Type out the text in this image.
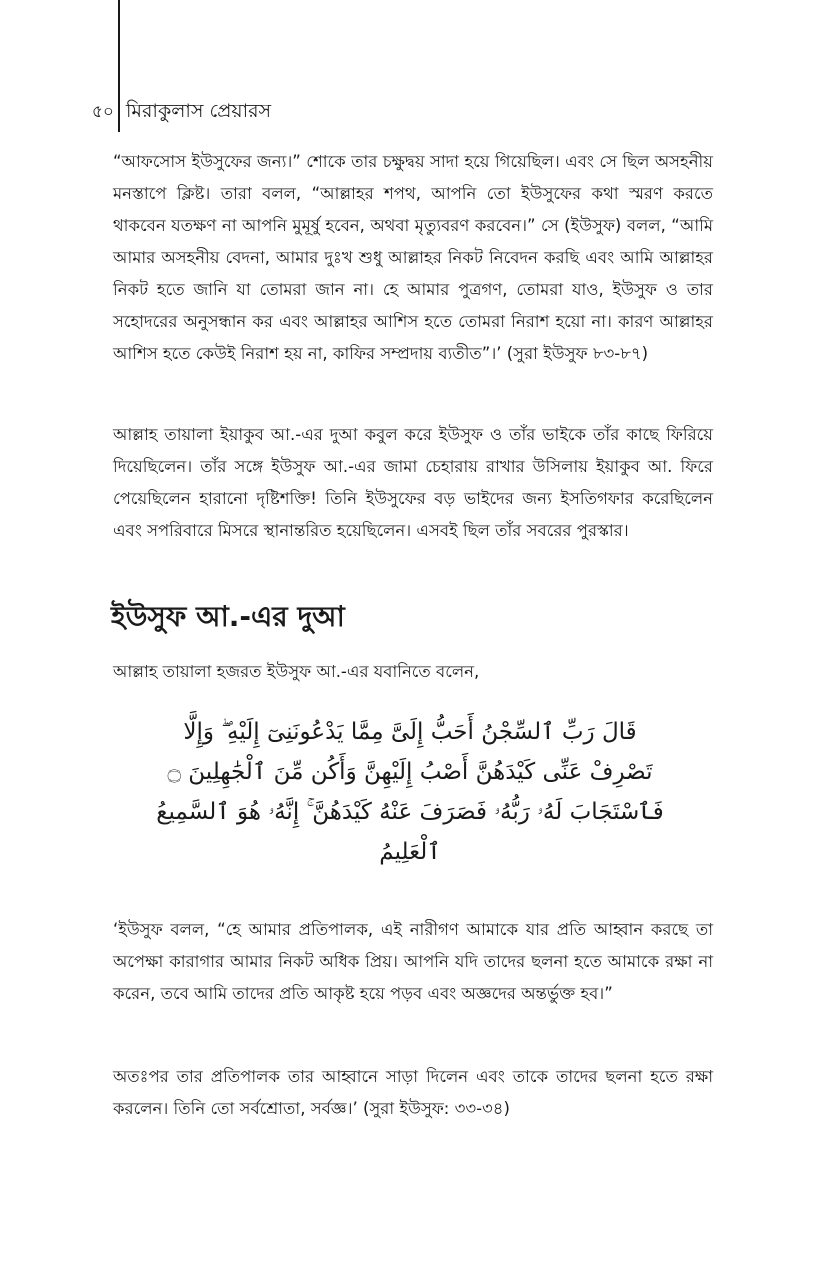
৫০ মিরাকুলাস প্রেয়ারস

“আফসোস ইউসুফের জন্য।” শোকে তার চক্ষুদ্বয় সাদা হয়ে গিয়েছিল। এবং সে ছিল অসহনীয় মনস্তাপে ক্লিষ্ট। তারা বলল, “আল্লাহর শপথ, আপনি তো ইউসুফের কথা স্মরণ করতে থাকবেন যতক্ষণ না আপনি মুমূর্ষু হবেন, অথবা মৃত্যুবরণ করবেন।” সে (ইউসুফ) বলল, “আমি আমার অসহনীয় বেদনা, আমার দুঃখ শুধু আল্লাহর নিকট নিবেদন করছি এবং আমি আল্লাহর নিকট হতে জানি যা তোমরা জান না। হে আমার পুত্রগণ, তোমরা যাও, ইউসুফ ও তার সহোদরের অনুসন্ধান কর এবং আল্লাহর আশিস হতে তোমরা নিরাশ হয়ো না। কারণ আল্লাহর আশিস হতে কেউই নিরাশ হয় না, কাফির সম্প্রদায় ব্যতীত”।’ (সুরা ইউসুফ ৮৩-৮৭)

আল্লাহ তায়ালা ইয়াকুব আ.-এর দুআ কবুল করে ইউসুফ ও তাঁর ভাইকে তাঁর কাছে ফিরিয়ে দিয়েছিলেন। তাঁর সঙ্গে ইউসুফ আ.-এর জামা চেহারায় রাখার উসিলায় ইয়াকুব আ. ফিরে পেয়েছিলেন হারানো দৃষ্টিশক্তি! তিনি ইউসুফের বড় ভাইদের জন্য ইসতিগফার করেছিলেন এবং সপরিবারে মিসরে স্থানান্তরিত হয়েছিলেন। এসবই ছিল তাঁর সবরের পুরস্কার।

ইউসুফ আ.-এর দুআ

আল্লাহ তায়ালা হজরত ইউসুফ আ.-এর যবানিতে বলেন,

قَالَ رَبِّ ٱلسِّجْنُ أَحَبُّ إِلَىَّ مِمَّا يَدْعُونَنِىٓ إِلَيْهِ ۖ وَإِلَّا تَصْرِفْ عَنِّى كَيْدَهُنَّ أَصْبُ إِلَيْهِنَّ وَأَكُن مِّنَ ٱلْجَٰهِلِينَ ۝ فَٱسْتَجَابَ لَهُۥ رَبُّهُۥ فَصَرَفَ عَنْهُ كَيْدَهُنَّ ۚ إِنَّهُۥ هُوَ ٱلسَّمِيعُ ٱلْعَلِيمُ

‘ইউসুফ বলল, “হে আমার প্রতিপালক, এই নারীগণ আমাকে যার প্রতি আহ্বান করছে তা অপেক্ষা কারাগার আমার নিকট অধিক প্রিয়। আপনি যদি তাদের ছলনা হতে আমাকে রক্ষা না করেন, তবে আমি তাদের প্রতি আকৃষ্ট হয়ে পড়ব এবং অজ্ঞদের অন্তর্ভুক্ত হব।”

অতঃপর তার প্রতিপালক তার আহ্বানে সাড়া দিলেন এবং তাকে তাদের ছলনা হতে রক্ষা করলেন। তিনি তো সর্বশ্রোতা, সর্বজ্ঞ।’ (সুরা ইউসুফ: ৩৩-৩৪)
